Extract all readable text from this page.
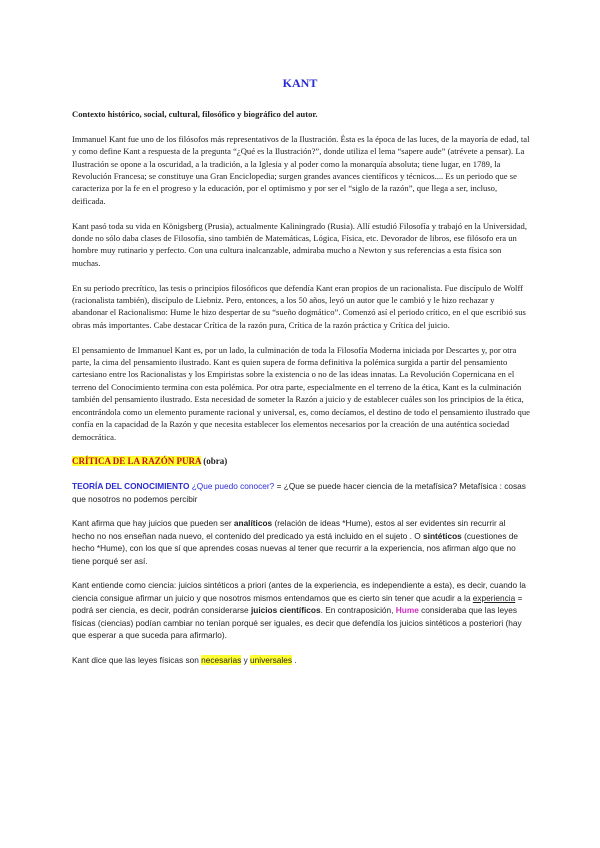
KANT

Contexto histórico, social, cultural, filosófico y biográfico del autor.

Immanuel Kant fue uno de los filósofos más representativos de la Ilustración. Ésta es la época de las luces, de la mayoría de edad, tal y como define Kant a respuesta de la pregunta “¿Qué es la Ilustración?”, donde utiliza el lema “sapere aude” (atrévete a pensar). La Ilustración se opone a la oscuridad, a la tradición, a la Iglesia y al poder como la monarquía absoluta; tiene lugar, en 1789, la Revolución Francesa; se constituye una Gran Enciclopedia; surgen grandes avances científicos y técnicos.... Es un periodo que se caracteriza por la fe en el progreso y la educación, por el optimismo y por ser el “siglo de la razón”, que llega a ser, incluso, deificada.

Kant pasó toda su vida en Königsberg (Prusia), actualmente Kaliningrado (Rusia). Allí estudió Filosofía y trabajó en la Universidad, donde no sólo daba clases de Filosofía, sino también de Matemáticas, Lógica, Física, etc. Devorador de libros, ese filósofo era un hombre muy rutinario y perfecto. Con una cultura inalcanzable, admiraba mucho a Newton y sus referencias a esta física son muchas.

En su periodo precrítico, las tesis o principios filosóficos que defendía Kant eran propios de un racionalista. Fue discípulo de Wolff (racionalista también), discípulo de Liebniz. Pero, entonces, a los 50 años, leyó un autor que le cambió y le hizo rechazar y abandonar el Racionalismo: Hume le hizo despertar de su “sueño dogmático”. Comenzó así el periodo crítico, en el que escribió sus obras más importantes. Cabe destacar Crítica de la razón pura, Crítica de la razón práctica y Crítica del juicio.

El pensamiento de Immanuel Kant es, por un lado, la culminación de toda la Filosofía Moderna iniciada por Descartes y, por otra parte, la cima del pensamiento ilustrado. Kant es quien supera de forma definitiva la polémica surgida a partir del pensamiento cartesiano entre los Racionalistas y los Empiristas sobre la existencia o no de las ideas innatas. La Revolución Copernicana en el terreno del Conocimiento termina con esta polémica. Por otra parte, especialmente en el terreno de la ética, Kant es la culminación también del pensamiento ilustrado. Esta necesidad de someter la Razón a juicio y de establecer cuáles son los principios de la ética, encontrándola como un elemento puramente racional y universal, es, como decíamos, el destino de todo el pensamiento ilustrado que confía en la capacidad de la Razón y que necesita establecer los elementos necesarios por la creación de una auténtica sociedad democrática.

CRÍTICA DE LA RAZÓN PURA (obra)

TEORÍA DEL CONOCIMIENTO ¿Que puedo conocer? = ¿Que se puede hacer ciencia de la metafísica? Metafísica : cosas que nosotros no podemos percibir

Kant afirma que hay juicios que pueden ser analíticos (relación de ideas *Hume), estos al ser evidentes sin recurrir al hecho no nos enseñan nada nuevo, el contenido del predicado ya está incluido en el sujeto . O sintéticos (cuestiones de hecho *Hume), con los que sí que aprendes cosas nuevas al tener que recurrir a la experiencia, nos afirman algo que no tiene porqué ser así.

Kant entiende como ciencia: juicios sintéticos a priori (antes de la experiencia, es independiente a esta), es decir, cuando la ciencia consigue afirmar un juicio y que nosotros mismos entendamos que es cierto sin tener que acudir a la experiencia = podrá ser ciencia, es decir, podrán considerarse juicios científicos. En contraposición, Hume consideraba que las leyes físicas (ciencias) podían cambiar no tenían porqué ser iguales, es decir que defendía los juicios sintéticos a posteriori (hay que esperar a que suceda para afirmarlo).

Kant dice que las leyes físicas son necesarias y universales .
